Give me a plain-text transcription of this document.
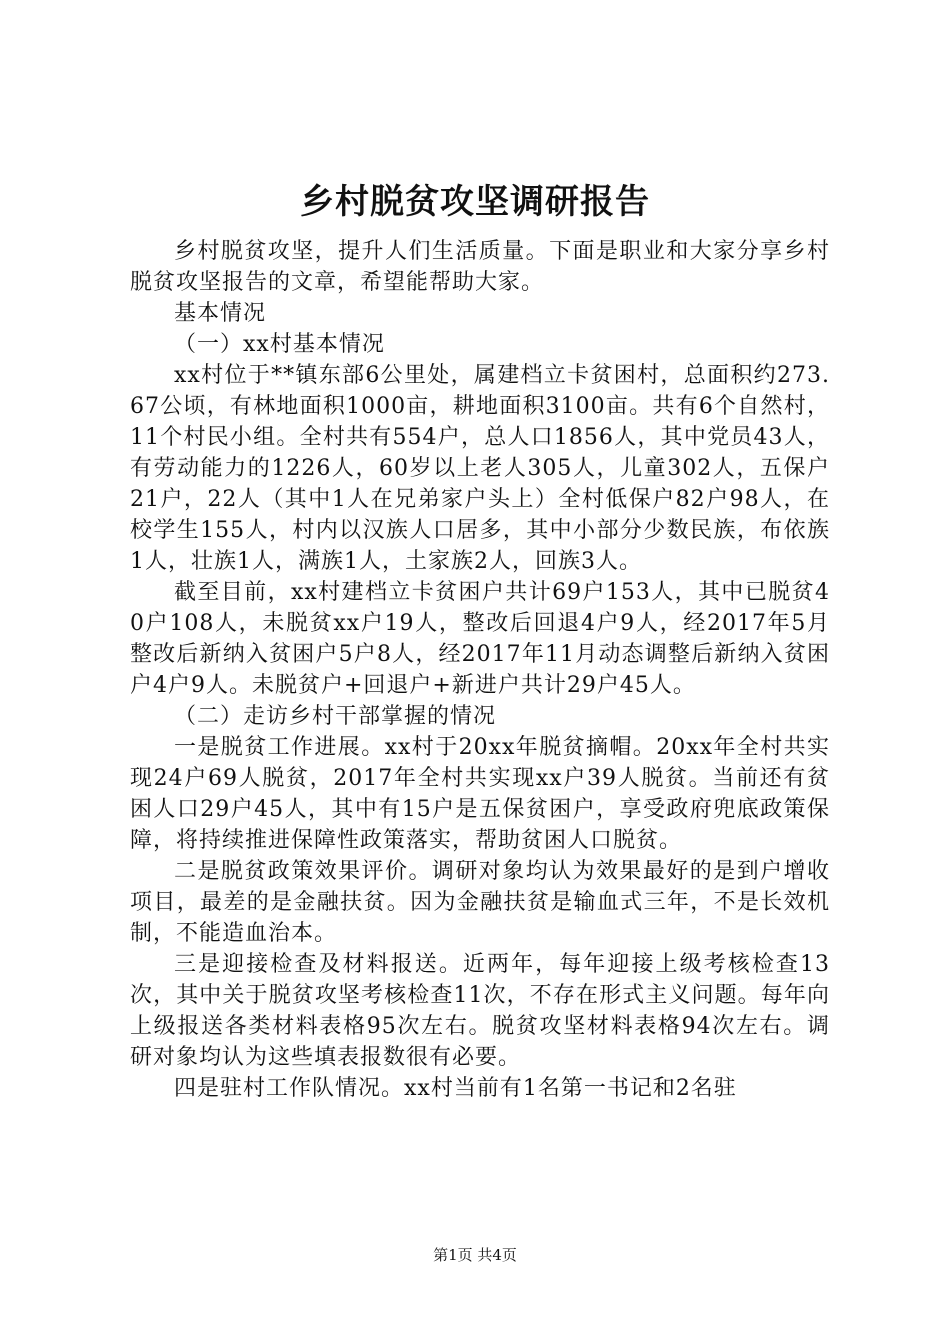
乡村脱贫攻坚调研报告

乡村脱贫攻坚，提升人们生活质量。下面是职业和大家分享乡村脱贫攻坚报告的文章，希望能帮助大家。

基本情况

（一）xx村基本情况

xx村位于**镇东部6公里处，属建档立卡贫困村，总面积约273.67公顷，有林地面积1000亩，耕地面积3100亩。共有6个自然村，11个村民小组。全村共有554户，总人口1856人，其中党员43人，有劳动能力的1226人，60岁以上老人305人，儿童302人，五保户21户，22人（其中1人在兄弟家户头上）全村低保户82户98人，在校学生155人，村内以汉族人口居多，其中小部分少数民族，布依族1人，壮族1人，满族1人，土家族2人，回族3人。

截至目前，xx村建档立卡贫困户共计69户153人，其中已脱贫40户108人，未脱贫xx户19人，整改后回退4户9人，经2017年5月整改后新纳入贫困户5户8人，经2017年11月动态调整后新纳入贫困户4户9人。未脱贫户+回退户+新进户共计29户45人。

（二）走访乡村干部掌握的情况

一是脱贫工作进展。xx村于20xx年脱贫摘帽。20xx年全村共实现24户69人脱贫，2017年全村共实现xx户39人脱贫。当前还有贫困人口29户45人，其中有15户是五保贫困户，享受政府兜底政策保障，将持续推进保障性政策落实，帮助贫困人口脱贫。

二是脱贫政策效果评价。调研对象均认为效果最好的是到户增收项目，最差的是金融扶贫。因为金融扶贫是输血式三年，不是长效机制，不能造血治本。

三是迎接检查及材料报送。近两年，每年迎接上级考核检查13次，其中关于脱贫攻坚考核检查11次，不存在形式主义问题。每年向上级报送各类材料表格95次左右。脱贫攻坚材料表格94次左右。调研对象均认为这些填表报数很有必要。

四是驻村工作队情况。xx村当前有1名第一书记和2名驻

第1页 共4页
